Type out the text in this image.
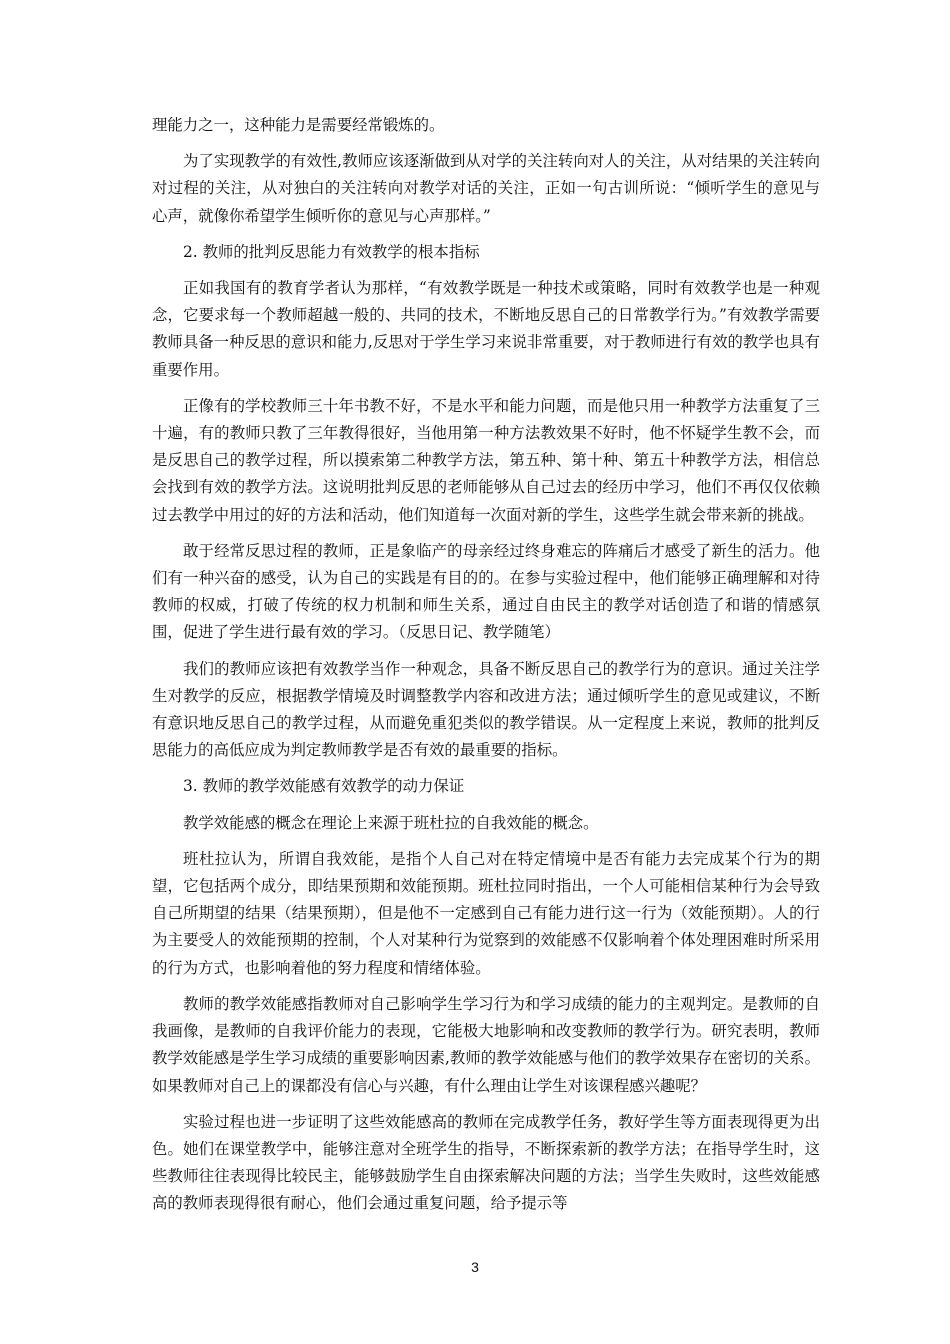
理能力之一，这种能力是需要经常锻炼的。

为了实现教学的有效性,教师应该逐渐做到从对学的关注转向对人的关注，从对结果的关注转向对过程的关注，从对独白的关注转向对教学对话的关注，正如一句古训所说：“倾听学生的意见与心声，就像你希望学生倾听你的意见与心声那样。”

2. 教师的批判反思能力有效教学的根本指标

正如我国有的教育学者认为那样，“有效教学既是一种技术或策略，同时有效教学也是一种观念，它要求每一个教师超越一般的、共同的技术，不断地反思自己的日常教学行为。”有效教学需要教师具备一种反思的意识和能力,反思对于学生学习来说非常重要，对于教师进行有效的教学也具有重要作用。

正像有的学校教师三十年书教不好，不是水平和能力问题，而是他只用一种教学方法重复了三十遍，有的教师只教了三年教得很好，当他用第一种方法教效果不好时，他不怀疑学生教不会，而是反思自己的教学过程，所以摸索第二种教学方法，第五种、第十种、第五十种教学方法，相信总会找到有效的教学方法。这说明批判反思的老师能够从自己过去的经历中学习，他们不再仅仅依赖过去教学中用过的好的方法和活动，他们知道每一次面对新的学生，这些学生就会带来新的挑战。

敢于经常反思过程的教师，正是象临产的母亲经过终身难忘的阵痛后才感受了新生的活力。他们有一种兴奋的感受，认为自己的实践是有目的的。在参与实验过程中，他们能够正确理解和对待教师的权威，打破了传统的权力机制和师生关系，通过自由民主的教学对话创造了和谐的情感氛围，促进了学生进行最有效的学习。（反思日记、教学随笔）

我们的教师应该把有效教学当作一种观念，具备不断反思自己的教学行为的意识。通过关注学生对教学的反应，根据教学情境及时调整教学内容和改进方法；通过倾听学生的意见或建议，不断有意识地反思自己的教学过程，从而避免重犯类似的教学错误。从一定程度上来说，教师的批判反思能力的高低应成为判定教师教学是否有效的最重要的指标。

3. 教师的教学效能感有效教学的动力保证

教学效能感的概念在理论上来源于班杜拉的自我效能的概念。

班杜拉认为，所谓自我效能，是指个人自己对在特定情境中是否有能力去完成某个行为的期望，它包括两个成分，即结果预期和效能预期。班杜拉同时指出，一个人可能相信某种行为会导致自己所期望的结果（结果预期），但是他不一定感到自己有能力进行这一行为（效能预期）。人的行为主要受人的效能预期的控制，个人对某种行为觉察到的效能感不仅影响着个体处理困难时所采用的行为方式，也影响着他的努力程度和情绪体验。

教师的教学效能感指教师对自己影响学生学习行为和学习成绩的能力的主观判定。是教师的自我画像，是教师的自我评价能力的表现，它能极大地影响和改变教师的教学行为。研究表明，教师教学效能感是学生学习成绩的重要影响因素,教师的教学效能感与他们的教学效果存在密切的关系。如果教师对自己上的课都没有信心与兴趣，有什么理由让学生对该课程感兴趣呢？

实验过程也进一步证明了这些效能感高的教师在完成教学任务，教好学生等方面表现得更为出色。她们在课堂教学中，能够注意对全班学生的指导，不断探索新的教学方法；在指导学生时，这些教师往往表现得比较民主，能够鼓励学生自由探索解决问题的方法；当学生失败时，这些效能感高的教师表现得很有耐心，他们会通过重复问题，给予提示等

3
